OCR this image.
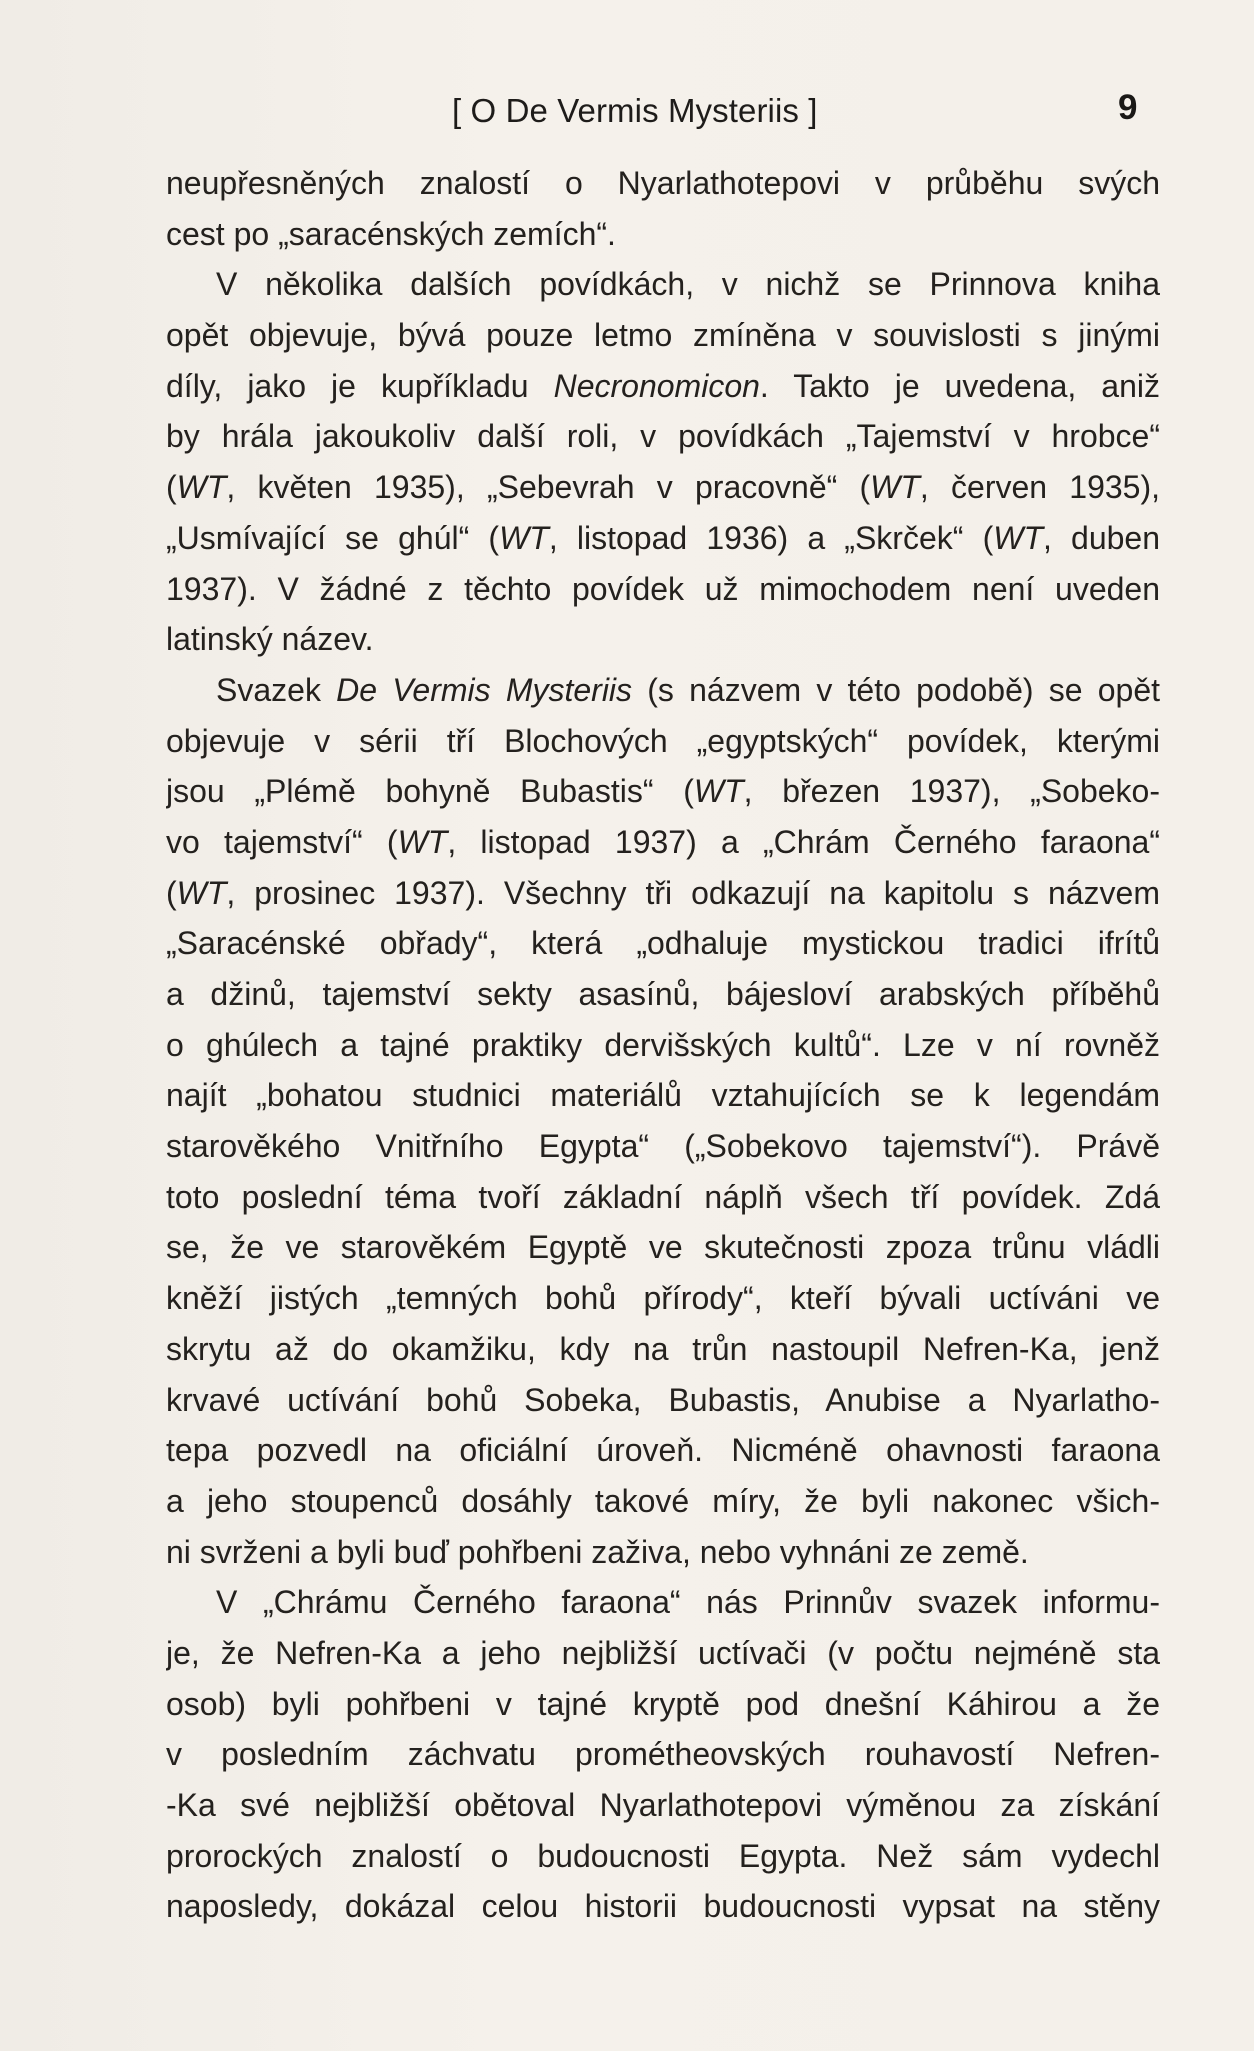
[ O De Vermis Mysteriis ]	9
neupřesněných znalostí o Nyarlathotepovi v průběhu svých
cest po „saracénských zemích“.
V několika dalších povídkách, v nichž se Prinnova kniha
opět objevuje, bývá pouze letmo zmíněna v souvislosti s jinými
díly, jako je kupříkladu Necronomicon. Takto je uvedena, aniž
by hrála jakoukoliv další roli, v povídkách „Tajemství v hrobce“
(WT, květen 1935), „Sebevrah v pracovně“ (WT, červen 1935),
„Usmívající se ghúl“ (WT, listopad 1936) a „Skrček“ (WT, duben
1937). V žádné z těchto povídek už mimochodem není uveden
latinský název.
Svazek De Vermis Mysteriis (s názvem v této podobě) se opět
objevuje v sérii tří Blochových „egyptských“ povídek, kterými
jsou „Plémě bohyně Bubastis“ (WT, březen 1937), „Sobeko-
vo tajemství“ (WT, listopad 1937) a „Chrám Černého faraona“
(WT, prosinec 1937). Všechny tři odkazují na kapitolu s názvem
„Saracénské obřady“, která „odhaluje mystickou tradici ifrítů
a džinů, tajemství sekty asasínů, bájesloví arabských příběhů
o ghúlech a tajné praktiky dervišských kultů“. Lze v ní rovněž
najít „bohatou studnici materiálů vztahujících se k legendám
starověkého Vnitřního Egypta“ („Sobekovo tajemství“). Právě
toto poslední téma tvoří základní náplň všech tří povídek. Zdá
se, že ve starověkém Egyptě ve skutečnosti zpoza trůnu vládli
kněží jistých „temných bohů přírody“, kteří bývali uctíváni ve
skrytu až do okamžiku, kdy na trůn nastoupil Nefren-Ka, jenž
krvavé uctívání bohů Sobeka, Bubastis, Anubise a Nyarlatho-
tepa pozvedl na oficiální úroveň. Nicméně ohavnosti faraona
a jeho stoupenců dosáhly takové míry, že byli nakonec všich-
ni svrženi a byli buď pohřbeni zaživa, nebo vyhnáni ze země.
V „Chrámu Černého faraona“ nás Prinnův svazek informu-
je, že Nefren-Ka a jeho nejbližší uctívači (v počtu nejméně sta
osob) byli pohřbeni v tajné kryptě pod dnešní Káhirou a že
v posledním záchvatu prométheovských rouhavostí Nefren-
-Ka své nejbližší obětoval Nyarlathotepovi výměnou za získání
prorockých znalostí o budoucnosti Egypta. Než sám vydechl
naposledy, dokázal celou historii budoucnosti vypsat na stěny
